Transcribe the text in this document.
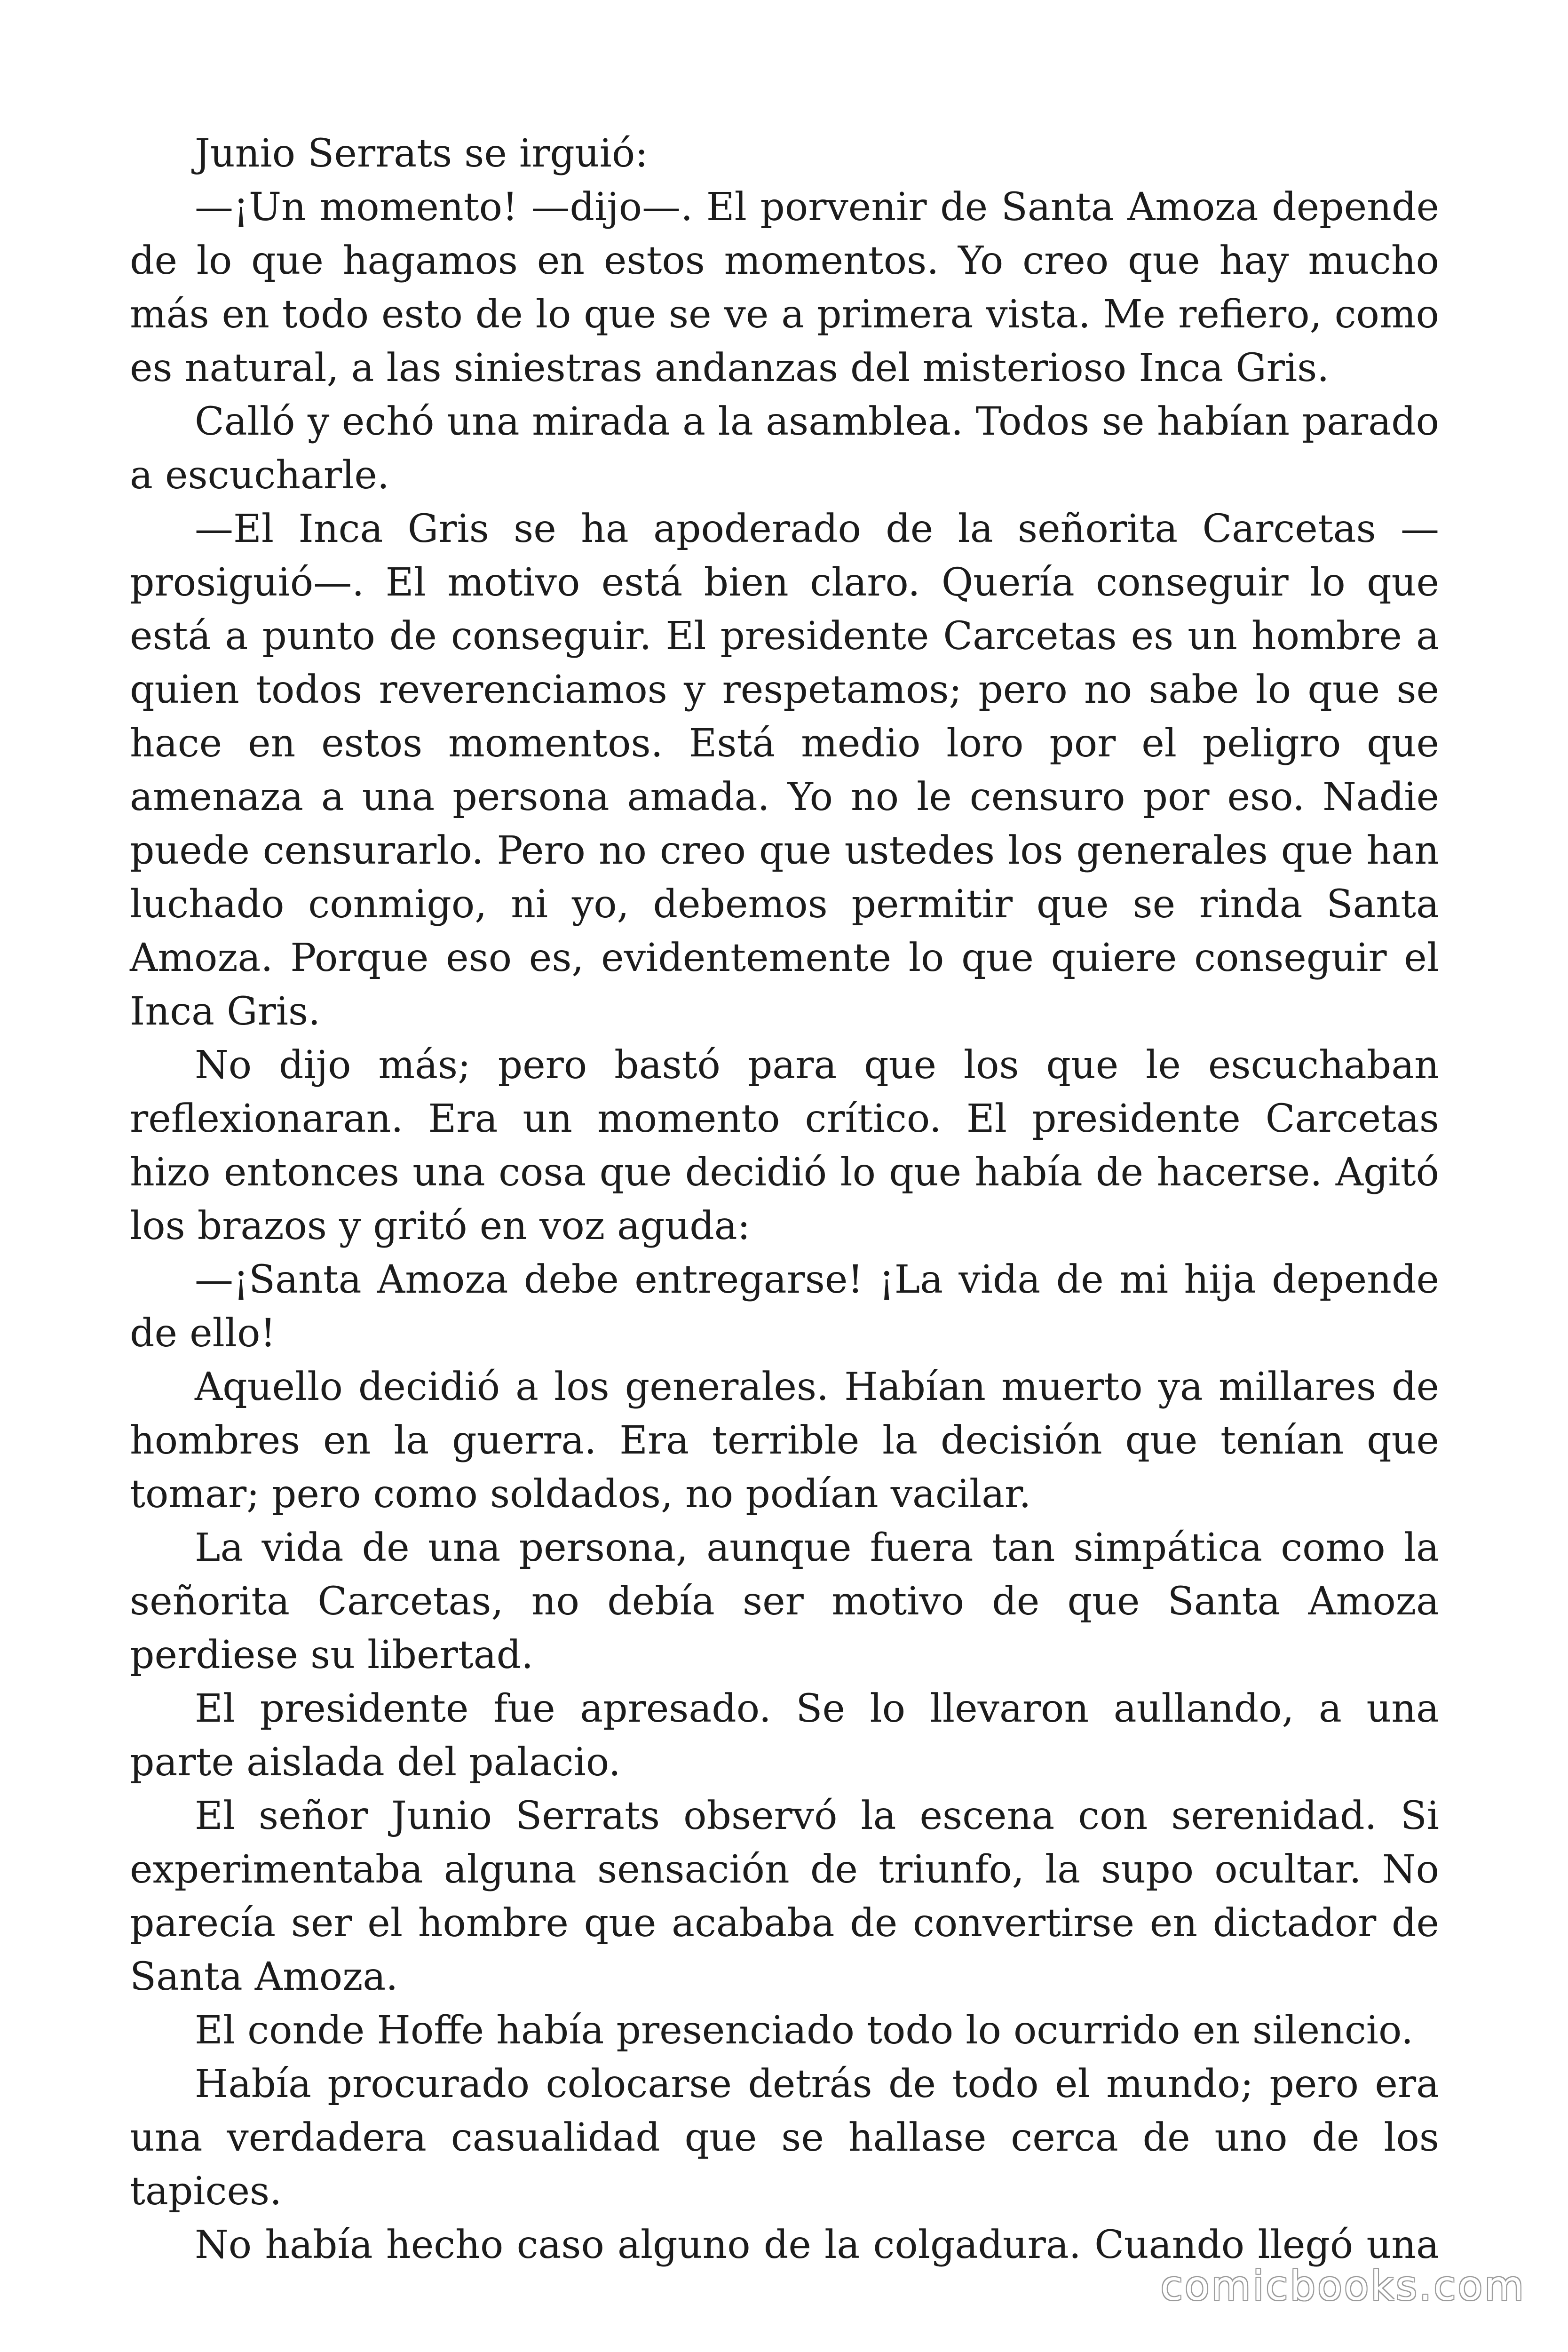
Junio Serrats se irguió:

—¡Un momento! —dijo—. El porvenir de Santa Amoza depende de lo que hagamos en estos momentos. Yo creo que hay mucho más en todo esto de lo que se ve a primera vista. Me refiero, como es natural, a las siniestras andanzas del misterioso Inca Gris.

Calló y echó una mirada a la asamblea. Todos se habían parado a escucharle.

—El Inca Gris se ha apoderado de la señorita Carcetas —prosiguió—. El motivo está bien claro. Quería conseguir lo que está a punto de conseguir. El presidente Carcetas es un hombre a quien todos reverenciamos y respetamos; pero no sabe lo que se hace en estos momentos. Está medio loro por el peligro que amenaza a una persona amada. Yo no le censuro por eso. Nadie puede censurarlo. Pero no creo que ustedes los generales que han luchado conmigo, ni yo, debemos permitir que se rinda Santa Amoza. Porque eso es, evidentemente lo que quiere conseguir el Inca Gris.

No dijo más; pero bastó para que los que le escuchaban reflexionaran. Era un momento crítico. El presidente Carcetas hizo entonces una cosa que decidió lo que había de hacerse. Agitó los brazos y gritó en voz aguda:

—¡Santa Amoza debe entregarse! ¡La vida de mi hija depende de ello!

Aquello decidió a los generales. Habían muerto ya millares de hombres en la guerra. Era terrible la decisión que tenían que tomar; pero como soldados, no podían vacilar.

La vida de una persona, aunque fuera tan simpática como la señorita Carcetas, no debía ser motivo de que Santa Amoza perdiese su libertad.

El presidente fue apresado. Se lo llevaron aullando, a una parte aislada del palacio.

El señor Junio Serrats observó la escena con serenidad. Si experimentaba alguna sensación de triunfo, la supo ocultar. No parecía ser el hombre que acababa de convertirse en dictador de Santa Amoza.

El conde Hoffe había presenciado todo lo ocurrido en silencio.

Había procurado colocarse detrás de todo el mundo; pero era una verdadera casualidad que se hallase cerca de uno de los tapices.

No había hecho caso alguno de la colgadura. Cuando llegó una

comicbooks.com
